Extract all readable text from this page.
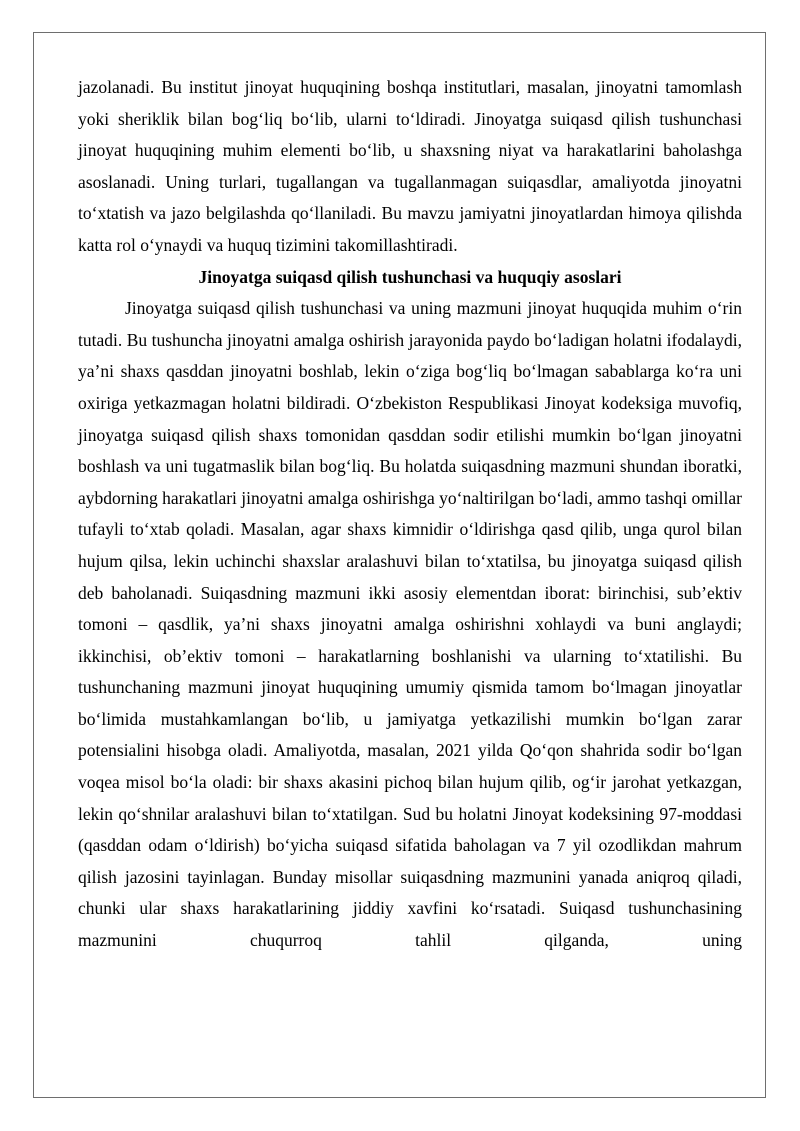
jazolanadi. Bu institut jinoyat huquqining boshqa institutlari, masalan, jinoyatni tamomlash yoki sheriklik bilan bog‘liq bo‘lib, ularni to‘ldiradi. Jinoyatga suiqasd qilish tushunchasi jinoyat huquqining muhim elementi bo‘lib, u shaxsning niyat va harakatlarini baholashga asoslanadi. Uning turlari, tugallangan va tugallanmagan suiqasdlar, amaliyotda jinoyatni to‘xtatish va jazo belgilashda qo‘llaniladi. Bu mavzu jamiyatni jinoyatlardan himoya qilishda katta rol o‘ynaydi va huquq tizimini takomillashtiradi.

Jinoyatga suiqasd qilish tushunchasi va huquqiy asoslari

Jinoyatga suiqasd qilish tushunchasi va uning mazmuni jinoyat huquqida muhim o‘rin tutadi. Bu tushuncha jinoyatni amalga oshirish jarayonida paydo bo‘ladigan holatni ifodalaydi, ya’ni shaxs qasddan jinoyatni boshlab, lekin o‘ziga bog‘liq bo‘lmagan sabablarga ko‘ra uni oxiriga yetkazmagan holatni bildiradi. O‘zbekiston Respublikasi Jinoyat kodeksiga muvofiq, jinoyatga suiqasd qilish shaxs tomonidan qasddan sodir etilishi mumkin bo‘lgan jinoyatni boshlash va uni tugatmaslik bilan bog‘liq. Bu holatda suiqasdning mazmuni shundan iboratki, aybdorning harakatlari jinoyatni amalga oshirishga yo‘naltirilgan bo‘ladi, ammo tashqi omillar tufayli to‘xtab qoladi. Masalan, agar shaxs kimnidir o‘ldirishga qasd qilib, unga qurol bilan hujum qilsa, lekin uchinchi shaxslar aralashuvi bilan to‘xtatilsa, bu jinoyatga suiqasd qilish deb baholanadi. Suiqasdning mazmuni ikki asosiy elementdan iborat: birinchisi, sub’ektiv tomoni – qasdlik, ya’ni shaxs jinoyatni amalga oshirishni xohlaydi va buni anglaydi; ikkinchisi, ob’ektiv tomoni – harakatlarning boshlanishi va ularning to‘xtatilishi. Bu tushunchaning mazmuni jinoyat huquqining umumiy qismida tamom bo‘lmagan jinoyatlar bo‘limida mustahkamlangan bo‘lib, u jamiyatga yetkazilishi mumkin bo‘lgan zarar potensialini hisobga oladi. Amaliyotda, masalan, 2021 yilda Qo‘qon shahrida sodir bo‘lgan voqea misol bo‘la oladi: bir shaxs akasini pichoq bilan hujum qilib, og‘ir jarohat yetkazgan, lekin qo‘shnilar aralashuvi bilan to‘xtatilgan. Sud bu holatni Jinoyat kodeksining 97-moddasi (qasddan odam o‘ldirish) bo‘yicha suiqasd sifatida baholagan va 7 yil ozodlikdan mahrum qilish jazosini tayinlagan. Bunday misollar suiqasdning mazmunini yanada aniqroq qiladi, chunki ular shaxs harakatlarining jiddiy xavfini ko‘rsatadi. Suiqasd tushunchasining mazmunini chuqurroq tahlil qilganda, uning
